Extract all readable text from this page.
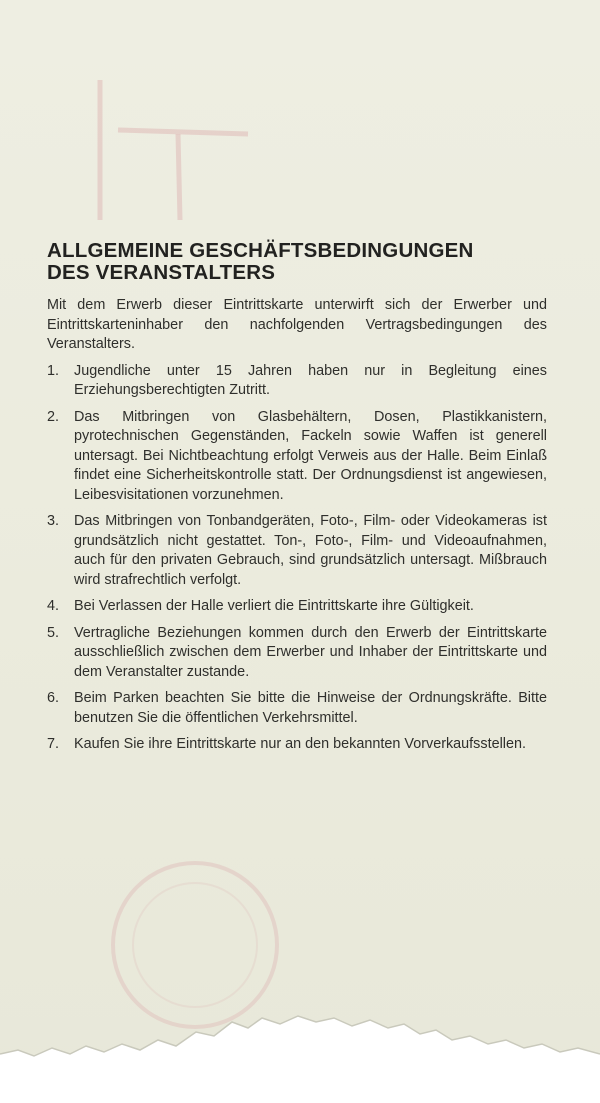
ALLGEMEINE GESCHÄFTSBEDINGUNGEN
DES VERANSTALTERS

Mit dem Erwerb dieser Eintrittskarte unterwirft sich der Erwerber und Eintrittskarteninhaber den nachfolgenden Vertragsbedingungen des Veranstalters.

1. Jugendliche unter 15 Jahren haben nur in Begleitung eines Erziehungsberechtigten Zutritt.
2. Das Mitbringen von Glasbehältern, Dosen, Plastikkanistern, pyrotechnischen Gegenständen, Fackeln sowie Waffen ist generell untersagt. Bei Nichtbeachtung erfolgt Verweis aus der Halle. Beim Einlaß findet eine Sicherheitskontrolle statt. Der Ordnungsdienst ist angewiesen, Leibesvisitationen vorzunehmen.
3. Das Mitbringen von Tonbandgeräten, Foto-, Film- oder Videokameras ist grundsätzlich nicht gestattet. Ton-, Foto-, Film- und Videoaufnahmen, auch für den privaten Gebrauch, sind grundsätzlich untersagt. Mißbrauch wird strafrechtlich verfolgt.
4. Bei Verlassen der Halle verliert die Eintrittskarte ihre Gültigkeit.
5. Vertragliche Beziehungen kommen durch den Erwerb der Eintrittskarte ausschließlich zwischen dem Erwerber und Inhaber der Eintrittskarte und dem Veranstalter zustande.
6. Beim Parken beachten Sie bitte die Hinweise der Ordnungskräfte. Bitte benutzen Sie die öffentlichen Verkehrsmittel.
7. Kaufen Sie ihre Eintrittskarte nur an den bekannten Vorverkaufsstellen.
